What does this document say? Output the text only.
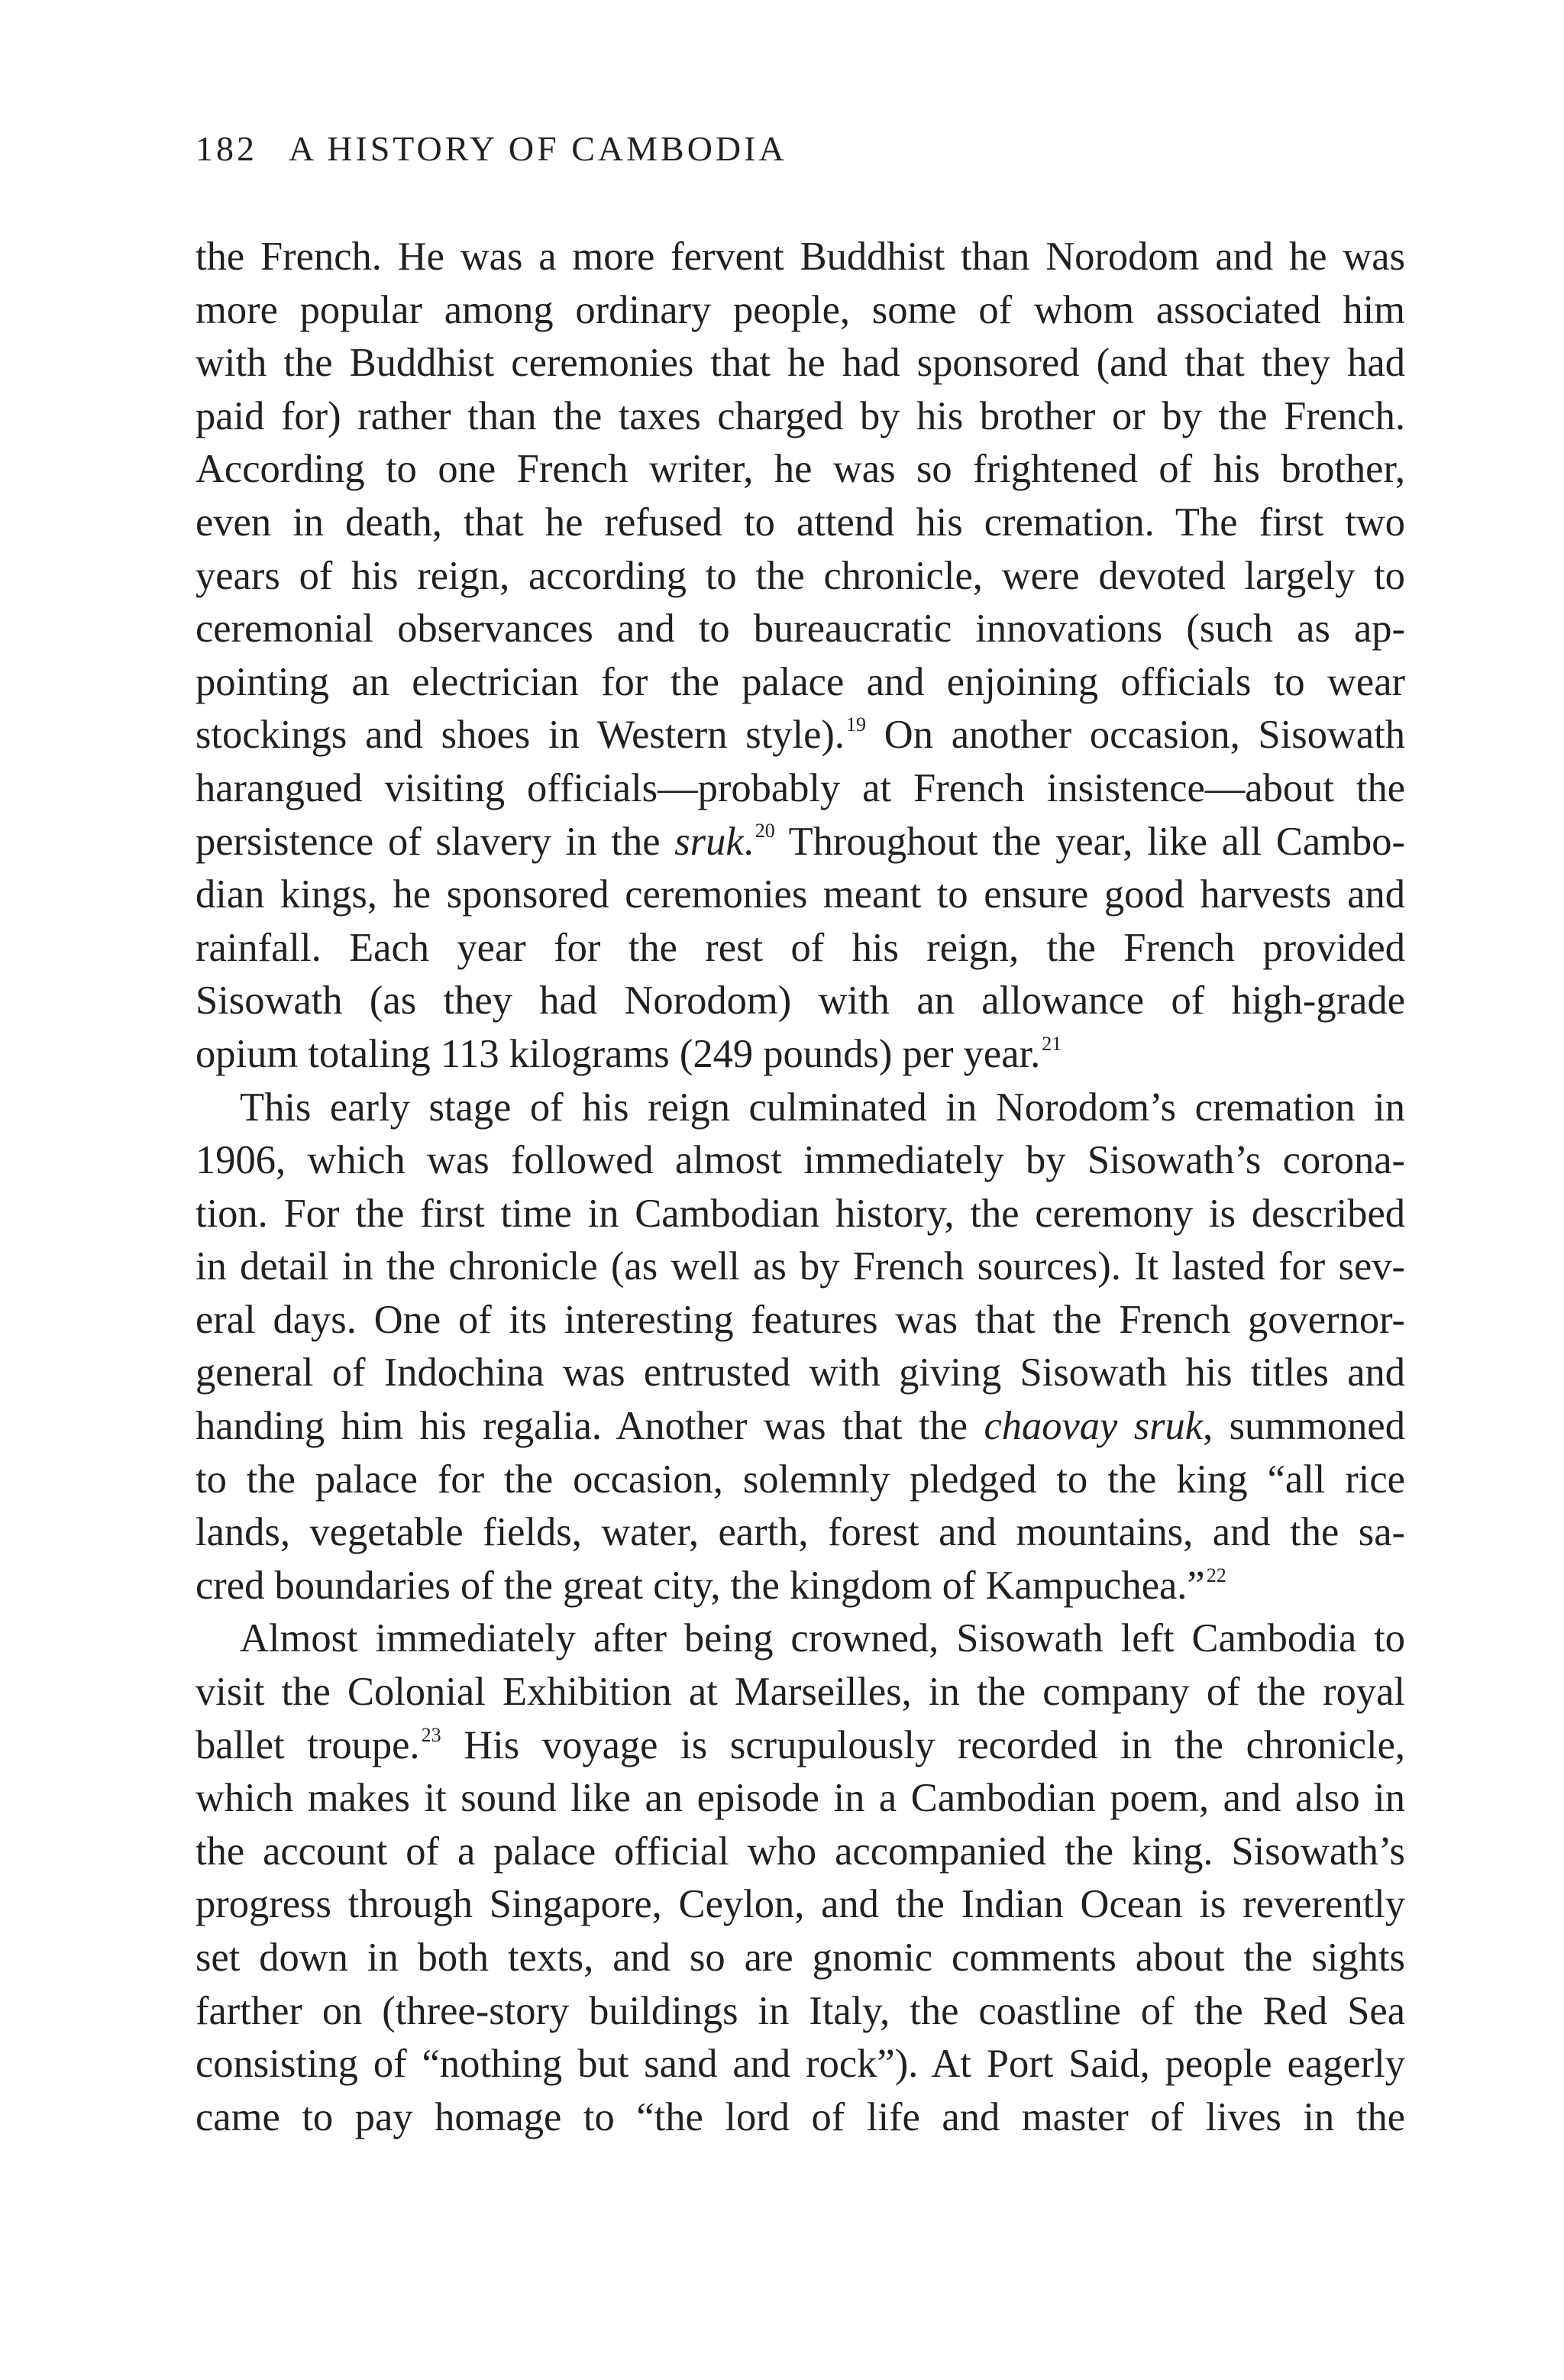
182 A HISTORY OF CAMBODIA

the French. He was a more fervent Buddhist than Norodom and he was
more popular among ordinary people, some of whom associated him
with the Buddhist ceremonies that he had sponsored (and that they had
paid for) rather than the taxes charged by his brother or by the French.
According to one French writer, he was so frightened of his brother,
even in death, that he refused to attend his cremation. The first two
years of his reign, according to the chronicle, were devoted largely to
ceremonial observances and to bureaucratic innovations (such as ap-
pointing an electrician for the palace and enjoining officials to wear
stockings and shoes in Western style).$^{19}$ On another occasion, Sisowath
harangued visiting officials—probably at French insistence—about the
persistence of slavery in the sruk.$^{20}$ Throughout the year, like all Cambo-
dian kings, he sponsored ceremonies meant to ensure good harvests and
rainfall. Each year for the rest of his reign, the French provided
Sisowath (as they had Norodom) with an allowance of high-grade
opium totaling 113 kilograms (249 pounds) per year.$^{21}$

This early stage of his reign culminated in Norodom’s cremation in
1906, which was followed almost immediately by Sisowath’s corona-
tion. For the first time in Cambodian history, the ceremony is described
in detail in the chronicle (as well as by French sources). It lasted for sev-
eral days. One of its interesting features was that the French governor-
general of Indochina was entrusted with giving Sisowath his titles and
handing him his regalia. Another was that the chaovay sruk, summoned
to the palace for the occasion, solemnly pledged to the king “all rice
lands, vegetable fields, water, earth, forest and mountains, and the sa-
cred boundaries of the great city, the kingdom of Kampuchea.”$^{22}$

Almost immediately after being crowned, Sisowath left Cambodia to
visit the Colonial Exhibition at Marseilles, in the company of the royal
ballet troupe.$^{23}$ His voyage is scrupulously recorded in the chronicle,
which makes it sound like an episode in a Cambodian poem, and also in
the account of a palace official who accompanied the king. Sisowath’s
progress through Singapore, Ceylon, and the Indian Ocean is reverently
set down in both texts, and so are gnomic comments about the sights
farther on (three-story buildings in Italy, the coastline of the Red Sea
consisting of “nothing but sand and rock”). At Port Said, people eagerly
came to pay homage to “the lord of life and master of lives in the
